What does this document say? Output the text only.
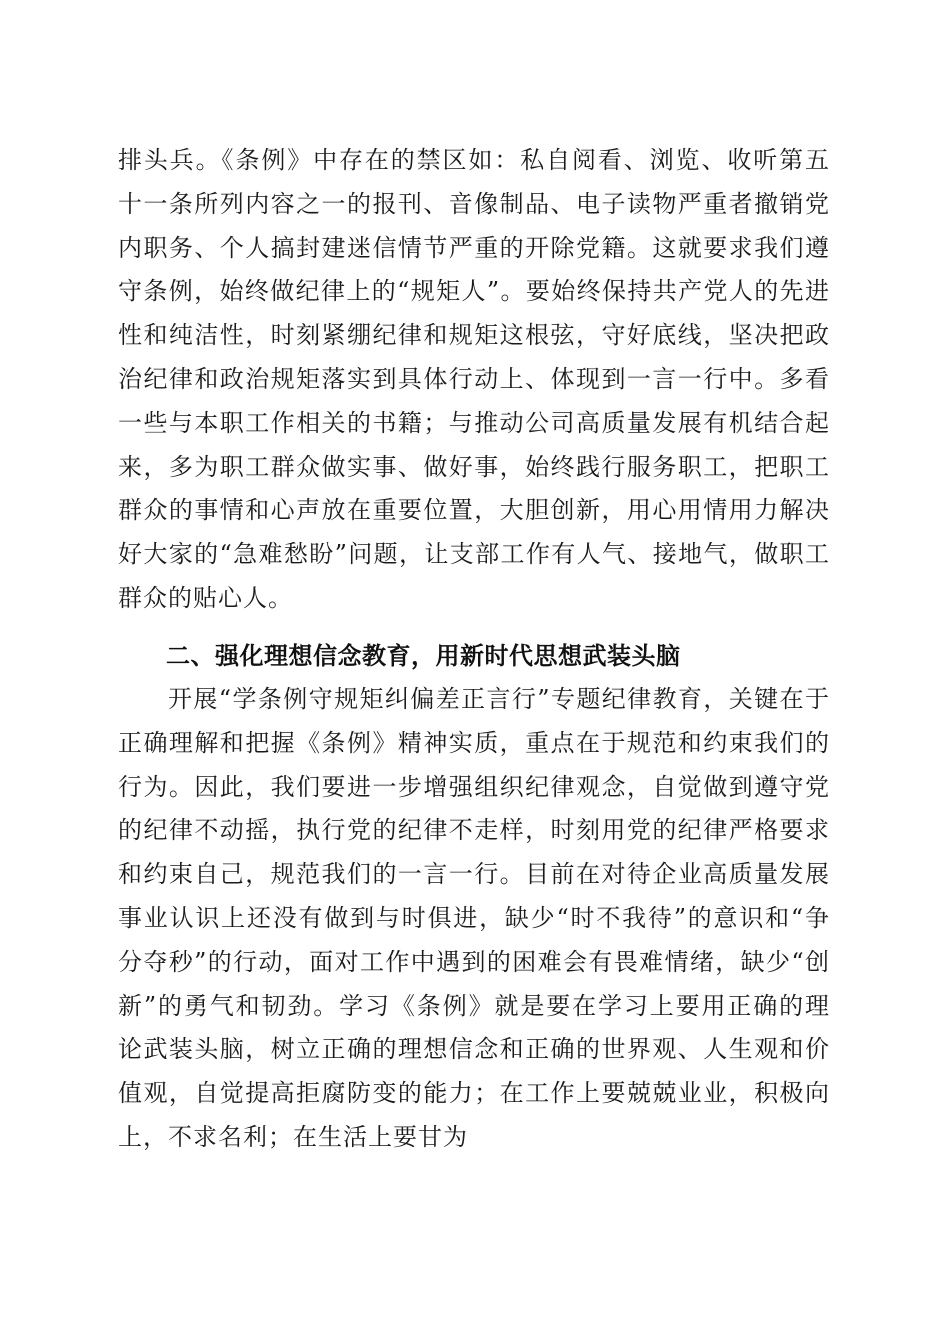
排头兵。《条例》中存在的禁区如：私自阅看、浏览、收听第五十一条所列内容之一的报刊、音像制品、电子读物严重者撤销党内职务、个人搞封建迷信情节严重的开除党籍。这就要求我们遵守条例，始终做纪律上的“规矩人”。要始终保持共产党人的先进性和纯洁性，时刻紧绷纪律和规矩这根弦，守好底线，坚决把政治纪律和政治规矩落实到具体行动上、体现到一言一行中。多看一些与本职工作相关的书籍；与推动公司高质量发展有机结合起来，多为职工群众做实事、做好事，始终践行服务职工，把职工群众的事情和心声放在重要位置，大胆创新，用心用情用力解决好大家的“急难愁盼”问题，让支部工作有人气、接地气，做职工群众的贴心人。

二、强化理想信念教育，用新时代思想武装头脑

开展“学条例守规矩纠偏差正言行”专题纪律教育，关键在于正确理解和把握《条例》精神实质，重点在于规范和约束我们的行为。因此，我们要进一步增强组织纪律观念，自觉做到遵守党的纪律不动摇，执行党的纪律不走样，时刻用党的纪律严格要求和约束自己，规范我们的一言一行。目前在对待企业高质量发展事业认识上还没有做到与时俱进，缺少“时不我待”的意识和“争分夺秒”的行动，面对工作中遇到的困难会有畏难情绪，缺少“创新”的勇气和韧劲。学习《条例》就是要在学习上要用正确的理论武装头脑，树立正确的理想信念和正确的世界观、人生观和价值观，自觉提高拒腐防变的能力；在工作上要兢兢业业，积极向上，不求名利；在生活上要甘为
